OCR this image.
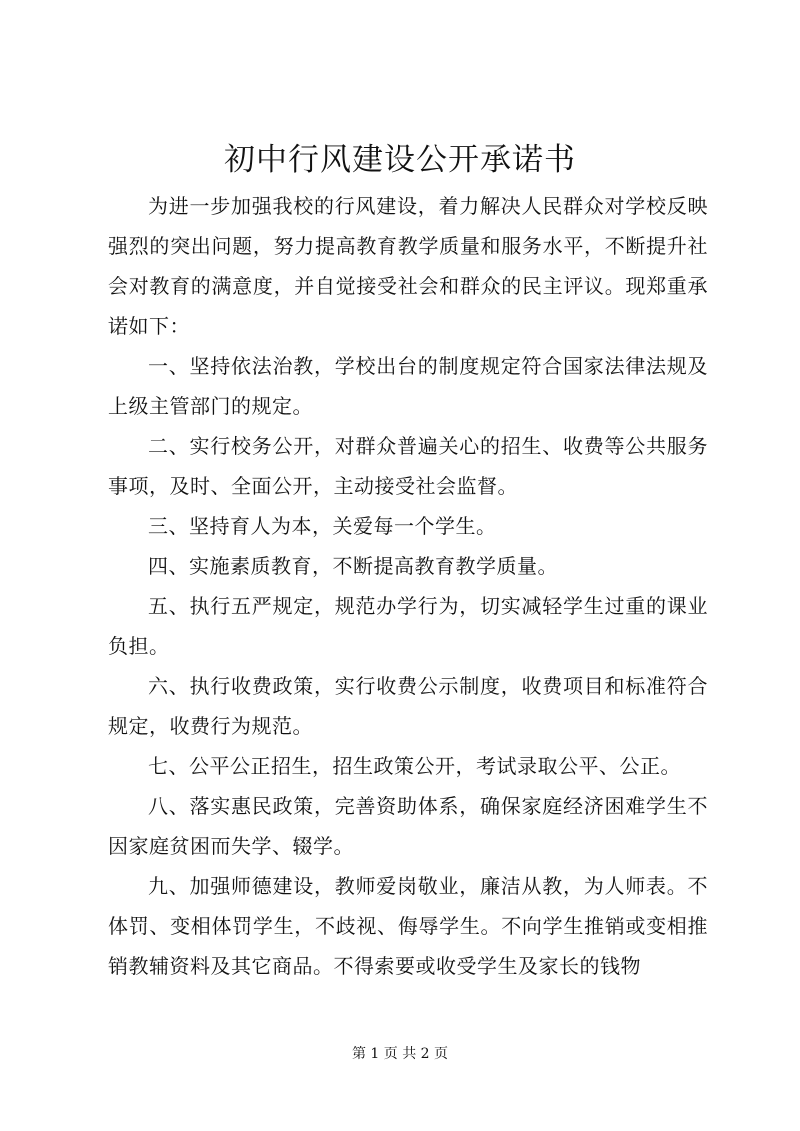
初中行风建设公开承诺书

为进一步加强我校的行风建设，着力解决人民群众对学校反映强烈的突出问题，努力提高教育教学质量和服务水平，不断提升社会对教育的满意度，并自觉接受社会和群众的民主评议。现郑重承诺如下：

一、坚持依法治教，学校出台的制度规定符合国家法律法规及上级主管部门的规定。

二、实行校务公开，对群众普遍关心的招生、收费等公共服务事项，及时、全面公开，主动接受社会监督。

三、坚持育人为本，关爱每一个学生。

四、实施素质教育，不断提高教育教学质量。

五、执行五严规定，规范办学行为，切实减轻学生过重的课业负担。

六、执行收费政策，实行收费公示制度，收费项目和标准符合规定，收费行为规范。

七、公平公正招生，招生政策公开，考试录取公平、公正。

八、落实惠民政策，完善资助体系，确保家庭经济困难学生不因家庭贫困而失学、辍学。

九、加强师德建设，教师爱岗敬业，廉洁从教，为人师表。不体罚、变相体罚学生，不歧视、侮辱学生。不向学生推销或变相推销教辅资料及其它商品。不得索要或收受学生及家长的钱物

第 1 页 共 2 页
